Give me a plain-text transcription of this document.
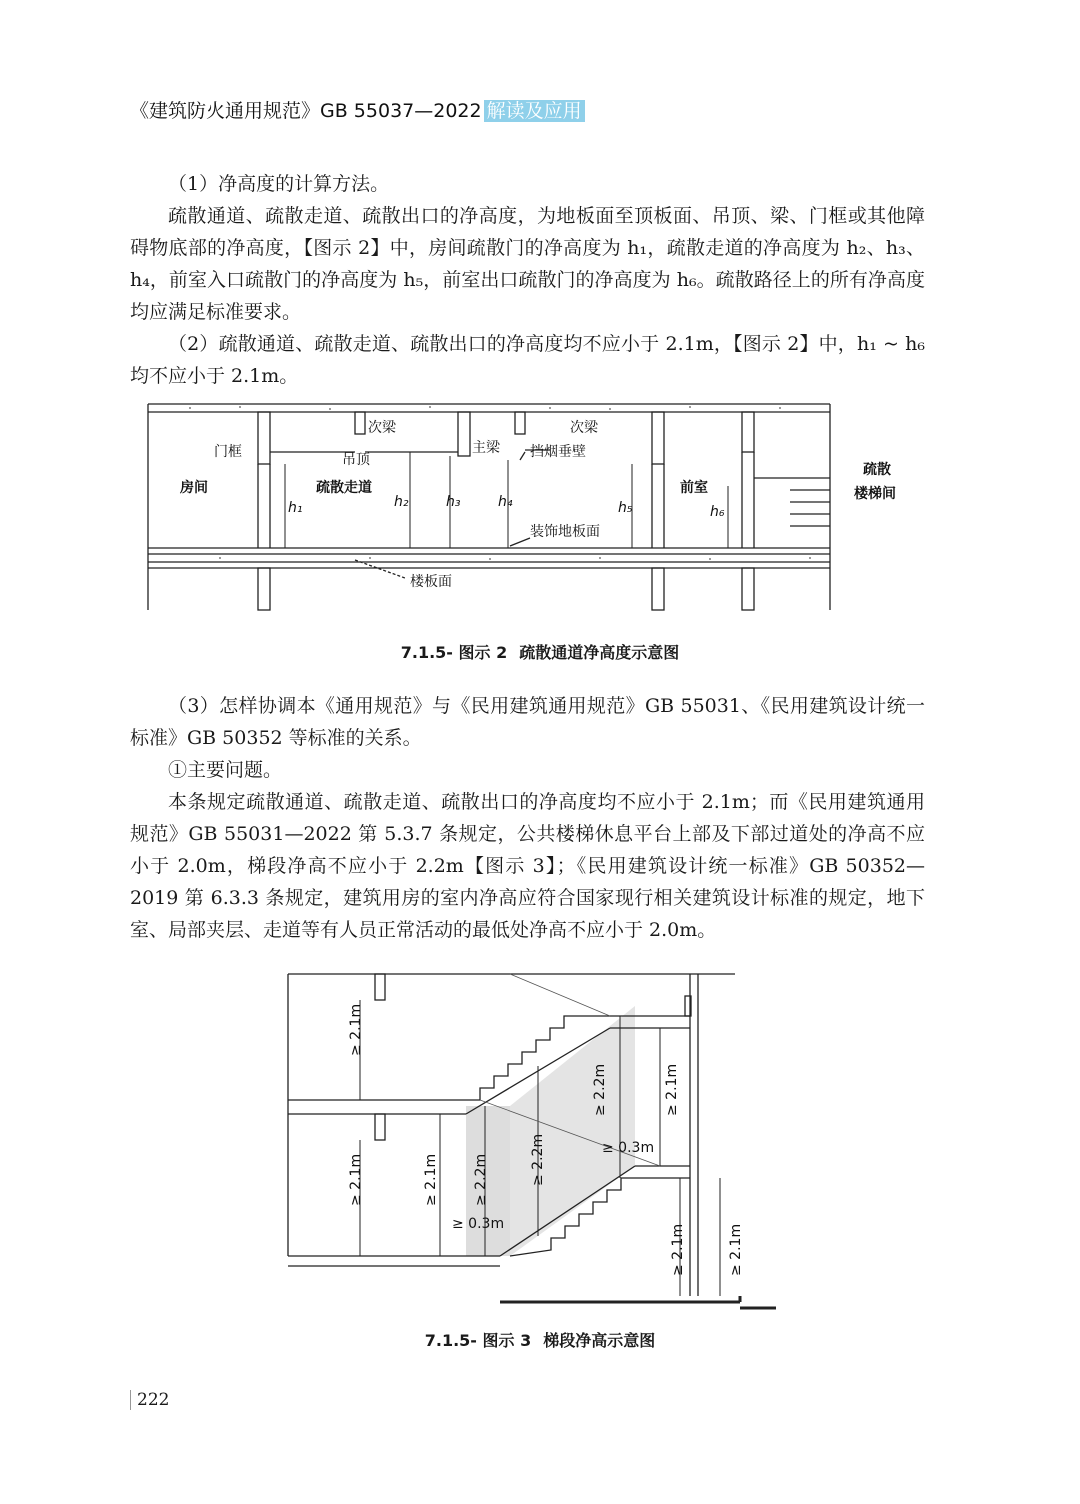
《建筑防火通用规范》GB 55037—2022 解读及应用

（1）净高度的计算方法。

疏散通道、疏散走道、疏散出口的净高度，为地板面至顶板面、吊顶、梁、门框或其他障碍物底部的净高度，【图示 2】中，房间疏散门的净高度为 h₁，疏散走道的净高度为 h₂、h₃、h₄，前室入口疏散门的净高度为 h₅，前室出口疏散门的净高度为 h₆。疏散路径上的所有净高度均应满足标准要求。

（2）疏散通道、疏散走道、疏散出口的净高度均不应小于 2.1m，【图示 2】中，h₁ ~ h₆ 均不应小于 2.1m。

门框
房间
次梁
吊顶
疏散走道
主梁
次梁
挡烟垂壁
装饰地板面
前室
疏散
楼梯间
楼板面
h₁	h₂	h₃	h₄	h₅	h₆
7.1.5- 图示 2 疏散通道净高度示意图

（3）怎样协调本《通用规范》与《民用建筑通用规范》GB 55031、《民用建筑设计统一标准》GB 50352 等标准的关系。

①主要问题。

本条规定疏散通道、疏散走道、疏散出口的净高度均不应小于 2.1m；而《民用建筑通用规范》GB 55031—2022 第 5.3.7 条规定，公共楼梯休息平台上部及下部过道处的净高不应小于 2.0m，梯段净高不应小于 2.2m【图示 3】；《民用建筑设计统一标准》GB 50352—2019 第 6.3.3 条规定，建筑用房的室内净高应符合国家现行相关建筑设计标准的规定，地下室、局部夹层、走道等有人员正常活动的最低处净高不应小于 2.0m。

≥ 2.1m
≥ 2.1m	≥ 2.1m ≥ 2.2m	≥ 2.2m
≥ 2.2m	≥ 2.1m
≥ 0.3m
≥ 0.3m	≥ 2.1m	≥ 2.1m
7.1.5- 图示 3 梯段净高示意图
222
